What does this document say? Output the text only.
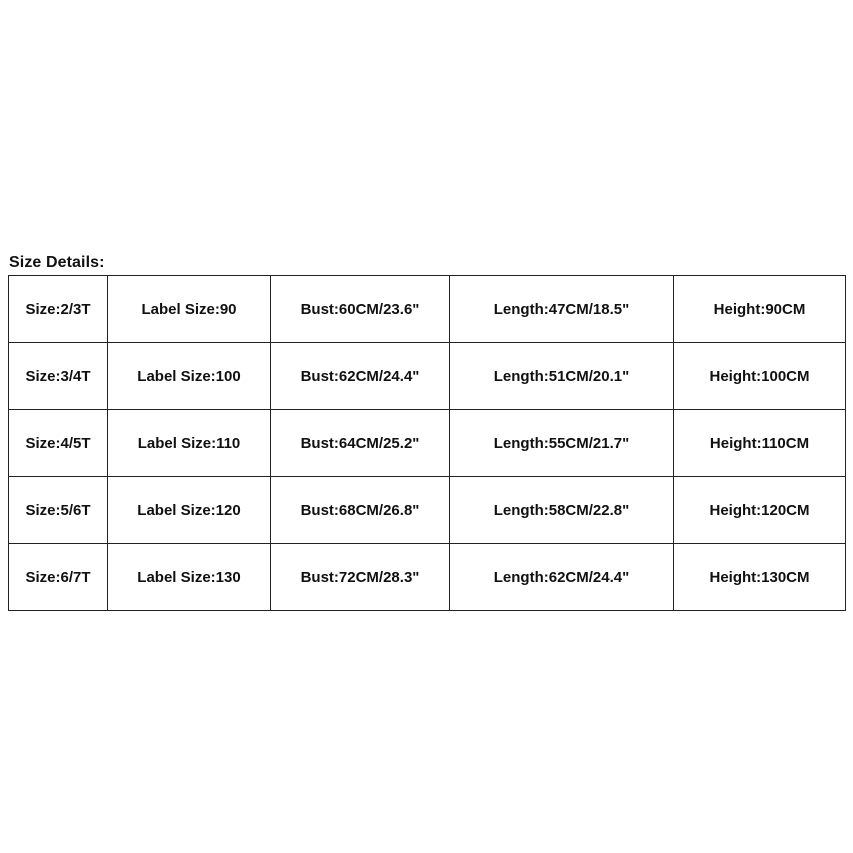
Size Details:
Size:2/3T	Label Size:90	Bust:60CM/23.6"	Length:47CM/18.5"	Height:90CM
Size:3/4T	Label Size:100	Bust:62CM/24.4"	Length:51CM/20.1"	Height:100CM
Size:4/5T	Label Size:110	Bust:64CM/25.2"	Length:55CM/21.7"	Height:110CM
Size:5/6T	Label Size:120	Bust:68CM/26.8"	Length:58CM/22.8"	Height:120CM
Size:6/7T	Label Size:130	Bust:72CM/28.3"	Length:62CM/24.4"	Height:130CM
